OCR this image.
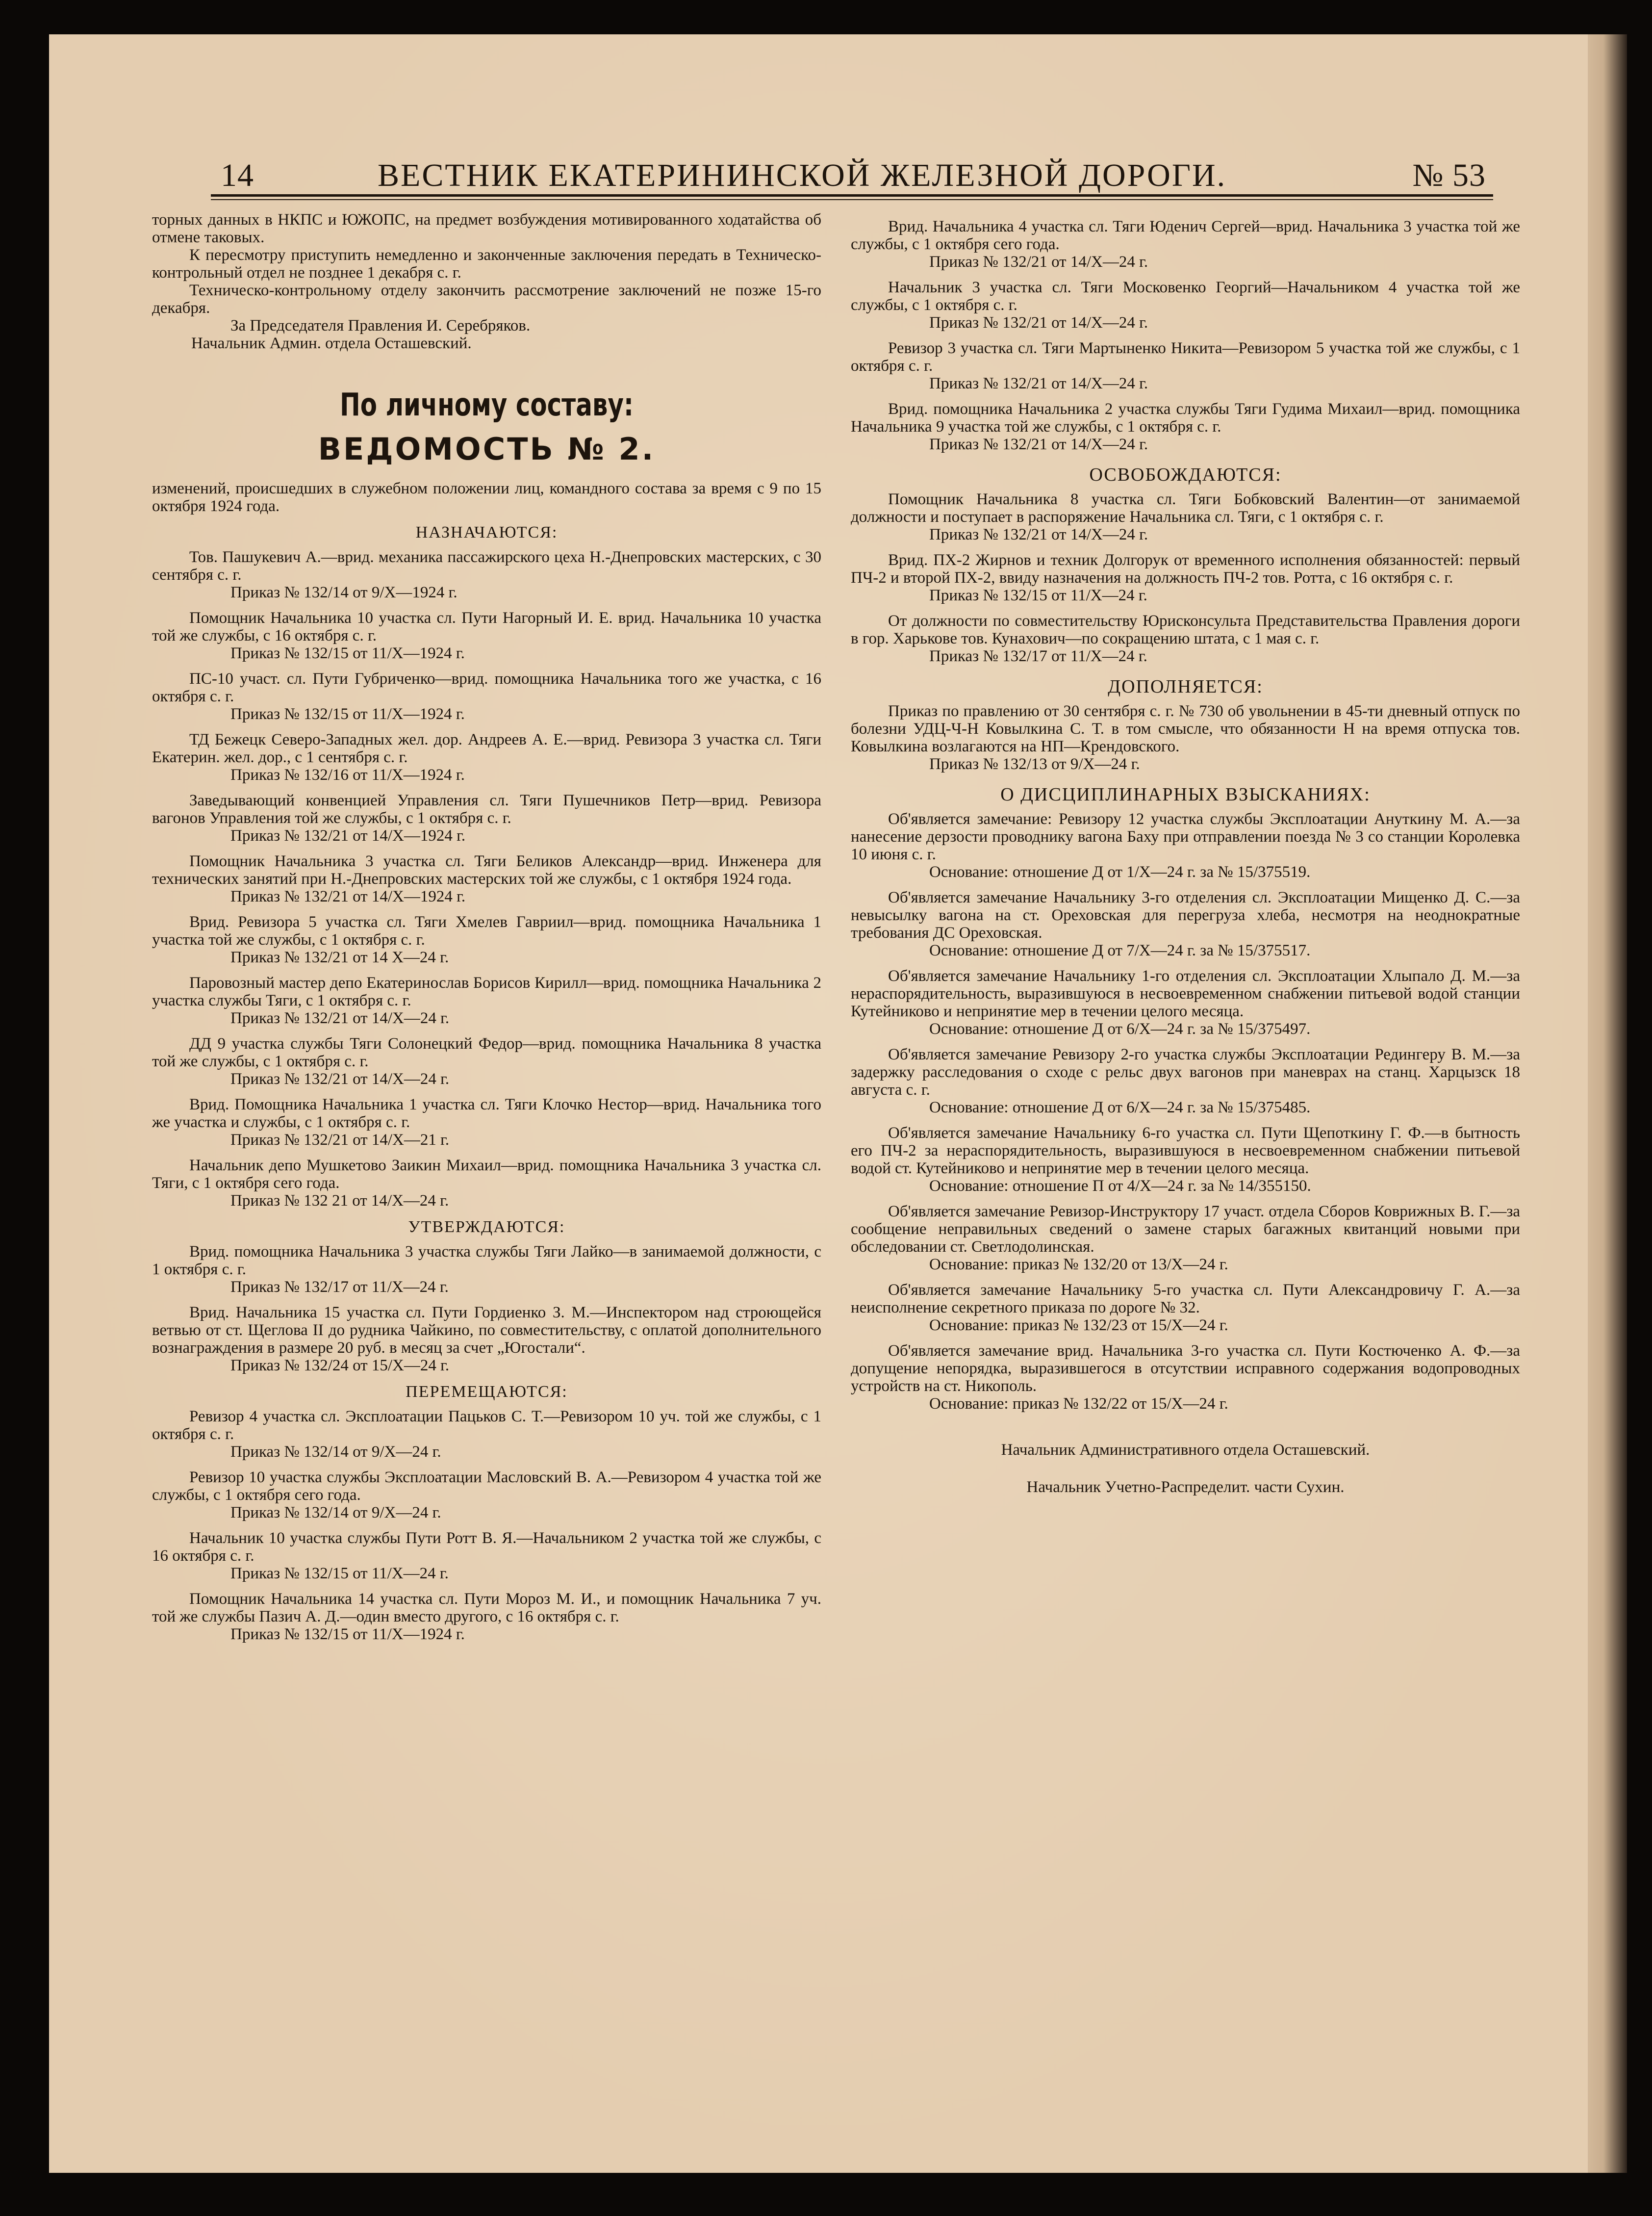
14	ВЕСТНИК ЕКАТЕРИНИНСКОЙ ЖЕЛЕЗНОЙ ДОРОГИ.	№ 53

торных данных в НКПС и ЮЖОПС, на предмет возбуждения мотивированного ходатайства об отмене таковых.

К пересмотру приступить немедленно и законченные заключения передать в Техническо-контрольный отдел не позднее 1 декабря с. г.

Техническо-контрольному отделу закончить рассмотрение заключений не позже 15-го декабря.

За Председателя Правления И. Серебряков.

Начальник Админ. отдела Осташевский.

По личному составу:
ВЕДОМОСТЬ № 2.

изменений, происшедших в служебном положении лиц, командного состава за время с 9 по 15 октября 1924 года.

НАЗНАЧАЮТСЯ:

Тов. Пашукевич А.—врид. механика пассажирского цеха Н.-Днепровских мастерских, с 30 сентября с. г.

Приказ № 132/14 от 9/Х—1924 г.

Помощник Начальника 10 участка сл. Пути Нагорный И. Е. врид. Начальника 10 участка той же службы, с 16 октября с. г.

Приказ № 132/15 от 11/Х—1924 г.

ПС-10 участ. сл. Пути Губриченко—врид. помощника Начальника того же участка, с 16 октября с. г.

Приказ № 132/15 от 11/Х—1924 г.

ТД Бежецк Северо-Западных жел. дор. Андреев А. Е.—врид. Ревизора 3 участка сл. Тяги Екатерин. жел. дор., с 1 сентября с. г.

Приказ № 132/16 от 11/Х—1924 г.

Заведывающий конвенцией Управления сл. Тяги Пушечников Петр—врид. Ревизора вагонов Управления той же службы, с 1 октября с. г.

Приказ № 132/21 от 14/Х—1924 г.

Помощник Начальника 3 участка сл. Тяги Беликов Александр—врид. Инженера для технических занятий при Н.-Днепровских мастерских той же службы, с 1 октября 1924 года.

Приказ № 132/21 от 14/Х—1924 г.

Врид. Ревизора 5 участка сл. Тяги Хмелев Гавриил—врид. помощника Начальника 1 участка той же службы, с 1 октября с. г.

Приказ № 132/21 от 14 Х—24 г.

Паровозный мастер депо Екатеринослав Борисов Кирилл—врид. помощника Начальника 2 участка службы Тяги, с 1 октября с. г.

Приказ № 132/21 от 14/Х—24 г.

ДД 9 участка службы Тяги Солонецкий Федор—врид. помощника Начальника 8 участка той же службы, с 1 октября с. г.

Приказ № 132/21 от 14/Х—24 г.

Врид. Помощника Начальника 1 участка сл. Тяги Клочко Нестор—врид. Начальника того же участка и службы, с 1 октября с. г.

Приказ № 132/21 от 14/Х—21 г.

Начальник депо Мушкетово Заикин Михаил—врид. помощника Начальника 3 участка сл. Тяги, с 1 октября сего года.

Приказ № 132 21 от 14/Х—24 г.

УТВЕРЖДАЮТСЯ:

Врид. помощника Начальника 3 участка службы Тяги Лайко—в занимаемой должности, с 1 октября с. г.

Приказ № 132/17 от 11/Х—24 г.

Врид. Начальника 15 участка сл. Пути Гордиенко З. М.—Инспектором над строющейся ветвью от ст. Щеглова II до рудника Чайкино, по совместительству, с оплатой дополнительного вознаграждения в размере 20 руб. в месяц за счет „Югостали“.

Приказ № 132/24 от 15/Х—24 г.

ПЕРЕМЕЩАЮТСЯ:

Ревизор 4 участка сл. Эксплоатации Пацьков С. Т.—Ревизором 10 уч. той же службы, с 1 октября с. г.

Приказ № 132/14 от 9/Х—24 г.

Ревизор 10 участка службы Эксплоатации Масловский В. А.—Ревизором 4 участка той же службы, с 1 октября сего года.

Приказ № 132/14 от 9/Х—24 г.

Начальник 10 участка службы Пути Ротт В. Я.—Начальником 2 участка той же службы, с 16 октября с. г.

Приказ № 132/15 от 11/Х—24 г.

Помощник Начальника 14 участка сл. Пути Мороз М. И., и помощник Начальника 7 уч. той же службы Пазич А. Д.—один вместо другого, с 16 октября с. г.

Приказ № 132/15 от 11/Х—1924 г.

Врид. Начальника 4 участка сл. Тяги Юденич Сергей—врид. Начальника 3 участка той же службы, с 1 октября сего года.

Приказ № 132/21 от 14/Х—24 г.

Начальник 3 участка сл. Тяги Московенко Георгий—Начальником 4 участка той же службы, с 1 октября с. г.

Приказ № 132/21 от 14/Х—24 г.

Ревизор 3 участка сл. Тяги Мартыненко Никита—Ревизором 5 участка той же службы, с 1 октября с. г.

Приказ № 132/21 от 14/Х—24 г.

Врид. помощника Начальника 2 участка службы Тяги Гудима Михаил—врид. помощника Начальника 9 участка той же службы, с 1 октября с. г.

Приказ № 132/21 от 14/Х—24 г.

ОСВОБОЖДАЮТСЯ:

Помощник Начальника 8 участка сл. Тяги Бобковский Валентин—от занимаемой должности и поступает в распоряжение Начальника сл. Тяги, с 1 октября с. г.

Приказ № 132/21 от 14/Х—24 г.

Врид. ПХ-2 Жирнов и техник Долгорук от временного исполнения обязанностей: первый ПЧ-2 и второй ПХ-2, ввиду назначения на должность ПЧ-2 тов. Ротта, с 16 октября с. г.

Приказ № 132/15 от 11/Х—24 г.

От должности по совместительству Юрисконсульта Представительства Правления дороги в гор. Харькове тов. Кунахович—по сокращению штата, с 1 мая с. г.

Приказ № 132/17 от 11/Х—24 г.

ДОПОЛНЯЕТСЯ:

Приказ по правлению от 30 сентября с. г. № 730 об увольнении в 45-ти дневный отпуск по болезни УДЦ-Ч-Н Ковылкина С. Т. в том смысле, что обязанности Н на время отпуска тов. Ковылкина возлагаются на НП—Крендовского.

Приказ № 132/13 от 9/Х—24 г.

О ДИСЦИПЛИНАРНЫХ ВЗЫСКАНИЯХ:

Об'является замечание: Ревизору 12 участка службы Эксплоатации Ануткину М. А.—за нанесение дерзости проводнику вагона Баху при отправлении поезда № 3 со станции Королевка 10 июня с. г.

Основание: отношение Д от 1/Х—24 г. за № 15/375519.

Об'является замечание Начальнику 3-го отделения сл. Эксплоатации Мищенко Д. С.—за невысылку вагона на ст. Ореховская для перегруза хлеба, несмотря на неоднократные требования ДС Ореховская.

Основание: отношение Д от 7/Х—24 г. за № 15/375517.

Об'является замечание Начальнику 1-го отделения сл. Эксплоатации Хлыпало Д. М.—за нераспорядительность, выразившуюся в несвоевременном снабжении питьевой водой станции Кутейниково и непринятие мер в течении целого месяца.

Основание: отношение Д от 6/Х—24 г. за № 15/375497.

Об'является замечание Ревизору 2-го участка службы Эксплоатации Редингеру В. М.—за задержку расследования о сходе с рельс двух вагонов при маневрах на станц. Харцызск 18 августа с. г.

Основание: отношение Д от 6/Х—24 г. за № 15/375485.

Об'является замечание Начальнику 6-го участка сл. Пути Щепоткину Г. Ф.—в бытность его ПЧ-2 за нераспорядительность, выразившуюся в несвоевременном снабжении питьевой водой ст. Кутейниково и непринятие мер в течении целого месяца.

Основание: отношение П от 4/Х—24 г. за № 14/355150.

Об'является замечание Ревизор-Инструктору 17 участ. отдела Сборов Коврижных В. Г.—за сообщение неправильных сведений о замене старых багажных квитанций новыми при обследовании ст. Светлодолинская.

Основание: приказ № 132/20 от 13/Х—24 г.

Об'является замечание Начальнику 5-го участка сл. Пути Александровичу Г. А.—за неисполнение секретного приказа по дороге № 32.

Основание: приказ № 132/23 от 15/Х—24 г.

Об'является замечание врид. Начальника 3-го участка сл. Пути Костюченко А. Ф.—за допущение непорядка, выразившегося в отсутствии исправного содержания водопроводных устройств на ст. Никополь.

Основание: приказ № 132/22 от 15/Х—24 г.

Начальник Административного отдела Осташевский.

Начальник Учетно-Распределит. части Сухин.
